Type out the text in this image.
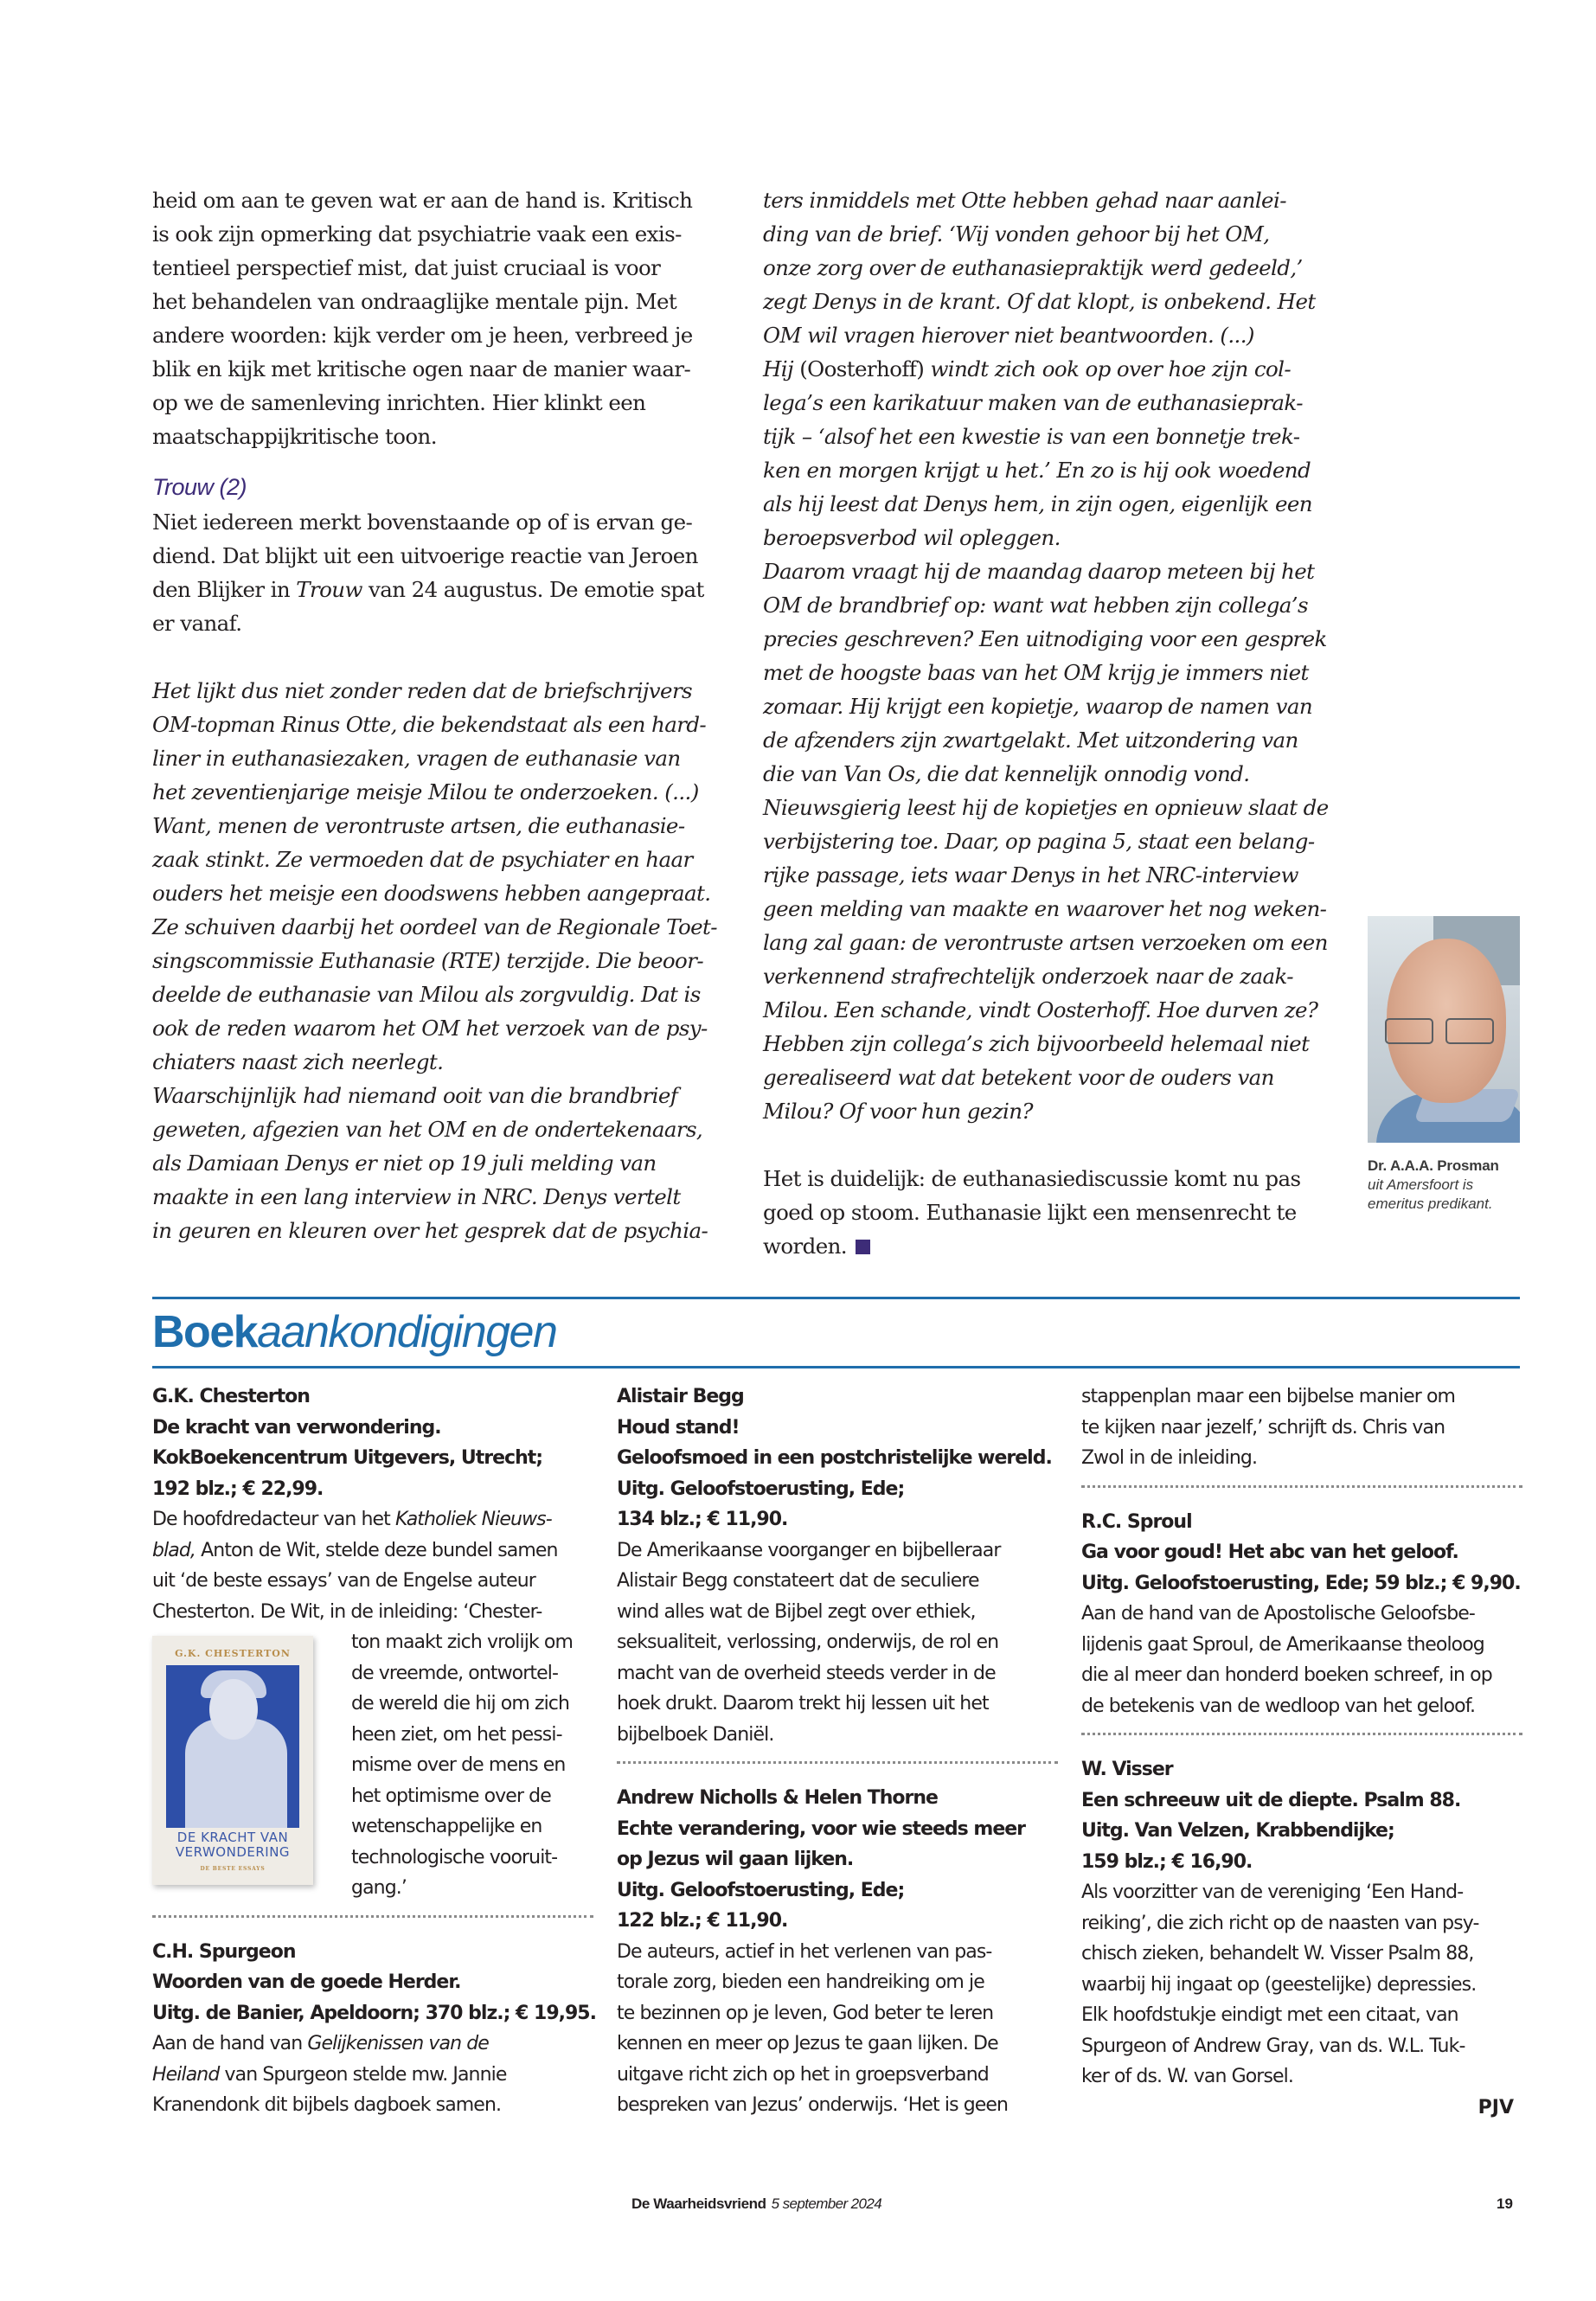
heid om aan te geven wat er aan de hand is. Kritisch
is ook zijn opmerking dat psychiatrie vaak een exis-
tentieel perspectief mist, dat juist cruciaal is voor
het behandelen van ondraaglijke mentale pijn. Met
andere woorden: kijk verder om je heen, verbreed je
blik en kijk met kritische ogen naar de manier waar-
op we de samenleving inrichten. Hier klinkt een
maatschappijkritische toon.
Trouw (2)
Niet iedereen merkt bovenstaande op of is ervan ge-
diend. Dat blijkt uit een uitvoerige reactie van Jeroen
den Blijker in Trouw van 24 augustus. De emotie spat
er vanaf.
Het lijkt dus niet zonder reden dat de briefschrijvers
OM-topman Rinus Otte, die bekendstaat als een hard-
liner in euthanasiezaken, vragen de euthanasie van
het zeventienjarige meisje Milou te onderzoeken. (...)
Want, menen de verontruste artsen, die euthanasie-
zaak stinkt. Ze vermoeden dat de psychiater en haar
ouders het meisje een doodswens hebben aangepraat.
Ze schuiven daarbij het oordeel van de Regionale Toet-
singscommissie Euthanasie (RTE) terzijde. Die beoor-
deelde de euthanasie van Milou als zorgvuldig. Dat is
ook de reden waarom het OM het verzoek van de psy-
chiaters naast zich neerlegt.
Waarschijnlijk had niemand ooit van die brandbrief
geweten, afgezien van het OM en de ondertekenaars,
als Damiaan Denys er niet op 19 juli melding van
maakte in een lang interview in NRC. Denys vertelt
in geuren en kleuren over het gesprek dat de psychia-
ters inmiddels met Otte hebben gehad naar aanlei-
ding van de brief. ‘Wij vonden gehoor bij het OM,
onze zorg over de euthanasiepraktijk werd gedeeld,’
zegt Denys in de krant. Of dat klopt, is onbekend. Het
OM wil vragen hierover niet beantwoorden. (...)
Hij (Oosterhoff) windt zich ook op over hoe zijn col-
lega’s een karikatuur maken van de euthanasieprak-
tijk – ‘alsof het een kwestie is van een bonnetje trek-
ken en morgen krijgt u het.’ En zo is hij ook woedend
als hij leest dat Denys hem, in zijn ogen, eigenlijk een
beroepsverbod wil opleggen.
Daarom vraagt hij de maandag daarop meteen bij het
OM de brandbrief op: want wat hebben zijn collega’s
precies geschreven? Een uitnodiging voor een gesprek
met de hoogste baas van het OM krijg je immers niet
zomaar. Hij krijgt een kopietje, waarop de namen van
de afzenders zijn zwartgelakt. Met uitzondering van
die van Van Os, die dat kennelijk onnodig vond.
Nieuwsgierig leest hij de kopietjes en opnieuw slaat de
verbijstering toe. Daar, op pagina 5, staat een belang-
rijke passage, iets waar Denys in het NRC-interview
geen melding van maakte en waarover het nog weken-
lang zal gaan: de verontruste artsen verzoeken om een
verkennend strafrechtelijk onderzoek naar de zaak-
Milou. Een schande, vindt Oosterhoff. Hoe durven ze?
Hebben zijn collega’s zich bijvoorbeeld helemaal niet
gerealiseerd wat dat betekent voor de ouders van
Milou? Of voor hun gezin?
Het is duidelijk: de euthanasiediscussie komt nu pas
goed op stoom. Euthanasie lijkt een mensenrecht te
worden.
Dr. A.A.A. Prosman
uit Amersfoort is
emeritus predikant.
Boekaankondigingen
G.K. Chesterton
De kracht van verwondering.
KokBoekencentrum Uitgevers, Utrecht;
192 blz.; € 22,99.
De hoofdredacteur van het Katholiek Nieuws-
blad, Anton de Wit, stelde deze bundel samen
uit ‘de beste essays’ van de Engelse auteur
Chesterton. De Wit, in de inleiding: ‘Chester-
G.K. CHESTERTON
DE KRACHT VAN
VERWONDERING
DE BESTE ESSAYS
ton maakt zich vrolijk om
de vreemde, ontwortel-
de wereld die hij om zich
heen ziet, om het pessi-
misme over de mens en
het optimisme over de
wetenschappelijke en
technologische vooruit-
gang.’
C.H. Spurgeon
Woorden van de goede Herder.
Uitg. de Banier, Apeldoorn; 370 blz.; € 19,95.
Aan de hand van Gelijkenissen van de
Heiland van Spurgeon stelde mw. Jannie
Kranendonk dit bijbels dagboek samen.
Alistair Begg
Houd stand!
Geloofsmoed in een postchristelijke wereld.
Uitg. Geloofstoerusting, Ede;
134 blz.; € 11,90.
De Amerikaanse voorganger en bijbelleraar
Alistair Begg constateert dat de seculiere
wind alles wat de Bijbel zegt over ethiek,
seksualiteit, verlossing, onderwijs, de rol en
macht van de overheid steeds verder in de
hoek drukt. Daarom trekt hij lessen uit het
bijbelboek Daniël.
Andrew Nicholls & Helen Thorne
Echte verandering, voor wie steeds meer
op Jezus wil gaan lijken.
Uitg. Geloofstoerusting, Ede;
122 blz.; € 11,90.
De auteurs, actief in het verlenen van pas-
torale zorg, bieden een handreiking om je
te bezinnen op je leven, God beter te leren
kennen en meer op Jezus te gaan lijken. De
uitgave richt zich op het in groepsverband
bespreken van Jezus’ onderwijs. ‘Het is geen
stappenplan maar een bijbelse manier om
te kijken naar jezelf,’ schrijft ds. Chris van
Zwol in de inleiding.
R.C. Sproul
Ga voor goud! Het abc van het geloof.
Uitg. Geloofstoerusting, Ede; 59 blz.; € 9,90.
Aan de hand van de Apostolische Geloofsbe-
lijdenis gaat Sproul, de Amerikaanse theoloog
die al meer dan honderd boeken schreef, in op
de betekenis van de wedloop van het geloof.
W. Visser
Een schreeuw uit de diepte. Psalm 88.
Uitg. Van Velzen, Krabbendijke;
159 blz.; € 16,90.
Als voorzitter van de vereniging ‘Een Hand-
reiking’, die zich richt op de naasten van psy-
chisch zieken, behandelt W. Visser Psalm 88,
waarbij hij ingaat op (geestelijke) depressies.
Elk hoofdstukje eindigt met een citaat, van
Spurgeon of Andrew Gray, van ds. W.L. Tuk-
ker of ds. W. van Gorsel.
PJV
De Waarheidsvriend 5 september 2024	19
